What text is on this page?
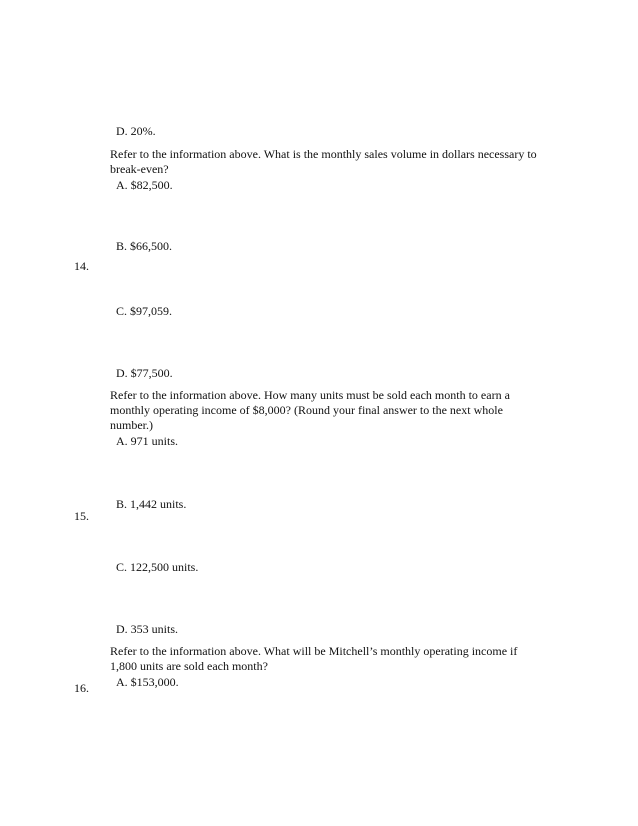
D. 20%.
Refer to the information above. What is the monthly sales volume in dollars necessary to
break-even?
A. $82,500.
B. $66,500.
14.
C. $97,059.
D. $77,500.
Refer to the information above. How many units must be sold each month to earn a
monthly operating income of $8,000? (Round your final answer to the next whole
number.)
A. 971 units.
B. 1,442 units.
15.
C. 122,500 units.
D. 353 units.
Refer to the information above. What will be Mitchell’s monthly operating income if
1,800 units are sold each month?
A. $153,000.
16.
